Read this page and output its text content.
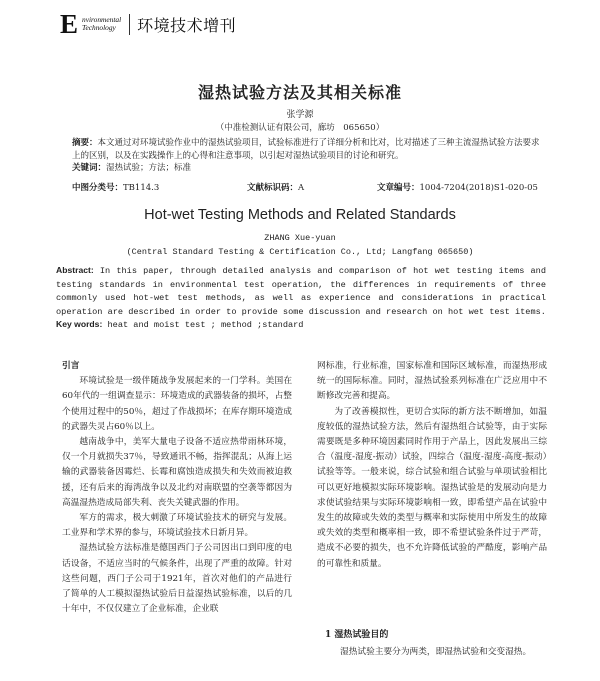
E nvironmental
Technology	环境技术增刊
湿热试验方法及其相关标准
张学源
（中准检测认证有限公司，廊坊　065650）
摘要：本文通过对环境试验作业中的湿热试验项目，试验标准进行了详细分析和比对，比对描述了三种主流湿热试验方法要求上的区别，以及在实践操作上的心得和注意事项，以引起对湿热试验项目的讨论和研究。
关键词：湿热试验；方法；标准
中图分类号：TB114.3	文献标识码：A	文章编号：1004-7204(2018)S1-020-05
Hot-wet Testing Methods and Related Standards
ZHANG Xue-yuan
(Central Standard Testing & Certification Co., Ltd; Langfang 065650)
Abstract: In this paper, through detailed analysis and comparison of hot wet testing items and testing standards in environmental test operation, the differences in requirements of three commonly used hot-wet test methods, as well as experience and considerations in practical operation are described in order to provide some discussion and research on hot wet test items.
Key words: heat and moist test ; method ;standard

引言

环境试验是一级伴随战争发展起来的一门学科。美国在60年代的一组调查显示：环境造成的武器装备的损坏，占整个使用过程中的50％，超过了作战损坏；在库存期环境造成的武器失灵占60％以上。

越南战争中，美军大量电子设备不适应热带雨林环境，仅一个月就损失37％，导致通讯不畅，指挥混乱；从海上运输的武器装备因霉烂、长霉和腐蚀造成损失和失效而被迫救援，还有后来的海湾战争以及北约对南联盟的空袭等都因为高温湿热造成局部失利、丧失关键武器的作用。

军方的需求，极大刺激了环境试验技术的研究与发展。工业界和学术界的参与，环境试验技术日新月异。

湿热试验方法标准是德国西门子公司因出口到印度的电话设备，不适应当时的气候条件，出现了严重的故障。针对这些问题，西门子公司于1921年，首次对他们的产品进行了简单的人工模拟湿热试验后日益湿热试验标准，以后的几十年中，不仅仅建立了企业标准，企业联

网标准，行业标准，国家标准和国际区域标准，而湿热形成统一的国际标准。同时，湿热试验系列标准在广泛应用中不断修改完善和提高。

为了改善模拟性，更切合实际的新方法不断增加，如温度较低的湿热试验方法，然后有湿热组合试验等，由于实际需要既是多种环境因素同时作用于产品上，因此发展出三综合（温度-湿度-振动）试验，四综合（温度-湿度-高度-振动）试验等等。一般来说，综合试验和组合试验与单项试验相比可以更好地模拟实际环境影响。湿热试验是的发展动向是力求使试验结果与实际环境影响相一致，即希望产品在试验中发生的故障或失效的类型与概率和实际使用中所发生的故障或失效的类型和概率相一致，即不希望试验条件过于严苛，造成不必要的损失，也不允许降低试验的严酷度，影响产品的可靠性和质量。

1 湿热试验目的
湿热试验主要分为两类，即湿热试验和交变湿热。
